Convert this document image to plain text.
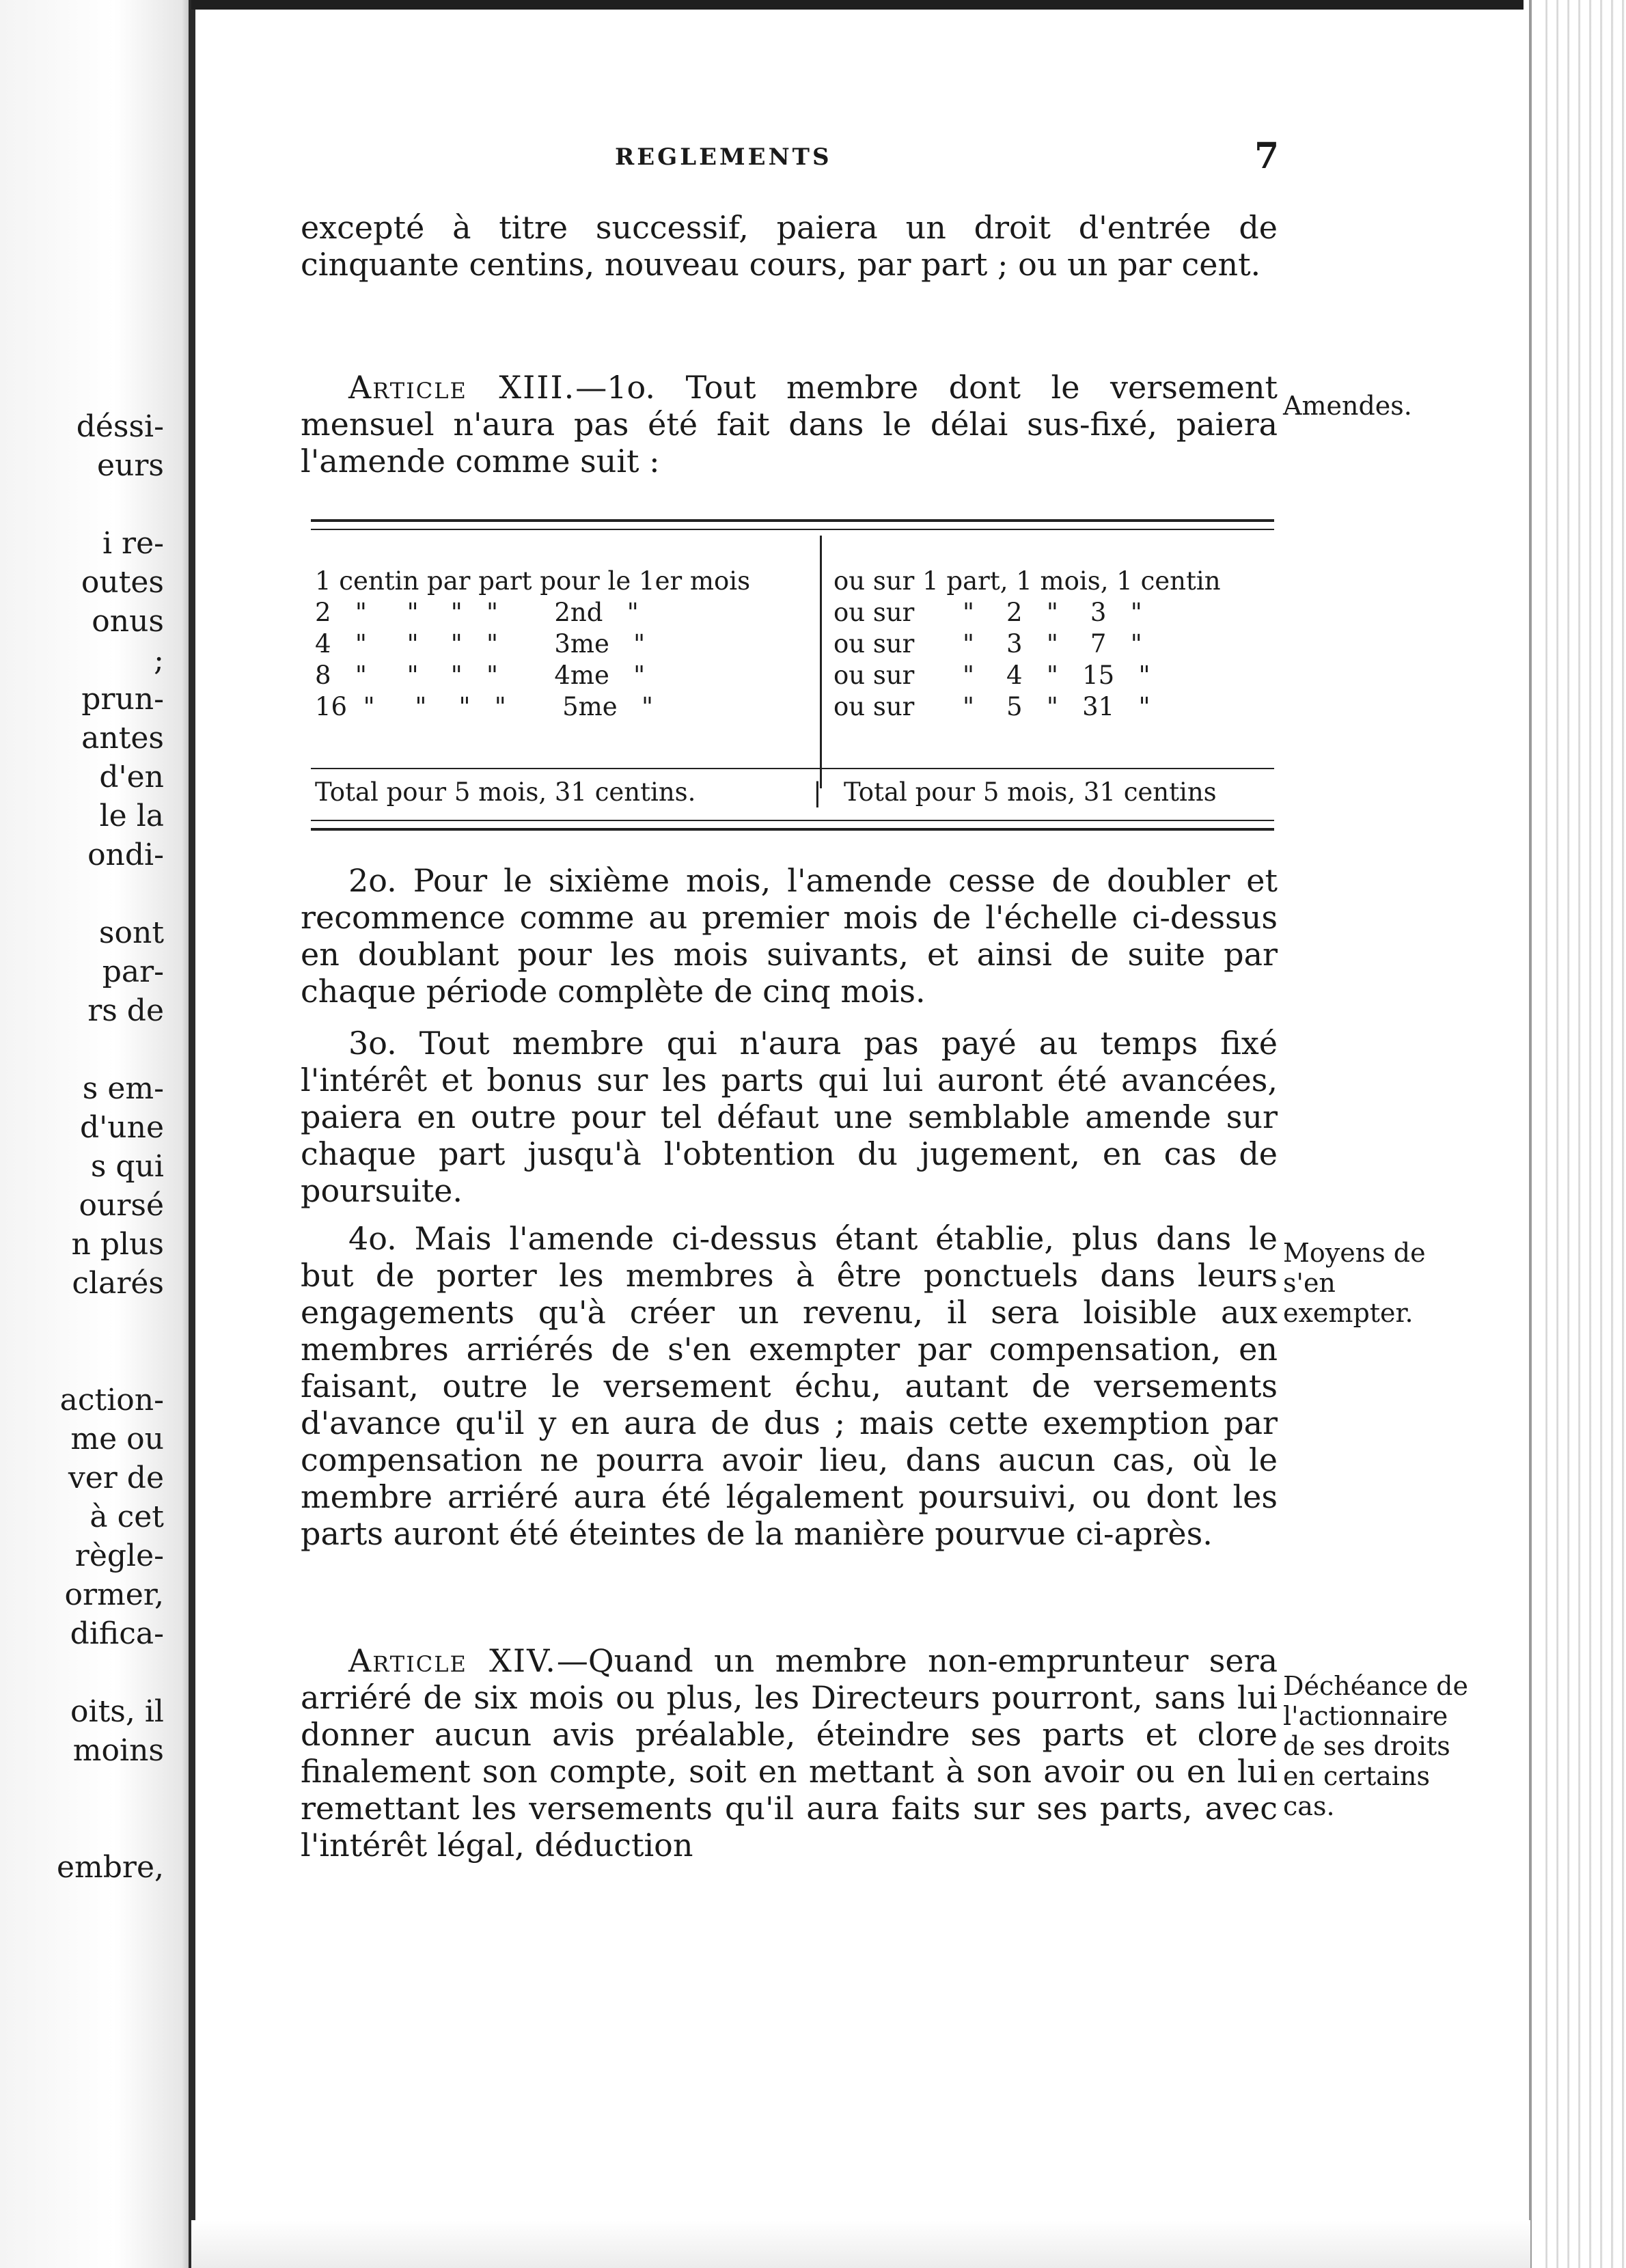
déssi-
eurs
i re-
outes
onus
;
prun-
antes
d'en
le la
ondi-
sont
par-
rs de
s em-
d'une
s qui
oursé
n plus
clarés
action-
me ou
ver de
à cet
règle-
ormer,
difica-
oits, il
moins
embre,
REGLEMENTS	7
excepté à titre successif, paiera un droit d'entrée de cinquante centins, nouveau cours, par part ; ou un par cent.
Article XIII.—1o. Tout membre dont le versement mensuel n'aura pas été fait dans le délai sus-fixé, paiera l'amende comme suit :
Amendes.
1 centin par part pour le 1er mois
2   "     "    "   "       2nd   "
4   "     "    "   "       3me   "
8   "     "    "   "       4me   "
16  "     "    "   "       5me   "
ou sur 1 part, 1 mois, 1 centin
ou sur      "    2   "    3   "
ou sur      "    3   "    7   "
ou sur      "    4   "   15   "
ou sur      "    5   "   31   "
Total pour 5 mois, 31 centins.	| Total pour 5 mois, 31 centins
2o. Pour le sixième mois, l'amende cesse de doubler et recommence comme au premier mois de l'échelle ci-dessus en doublant pour les mois suivants, et ainsi de suite par chaque période complète de cinq mois.
3o. Tout membre qui n'aura pas payé au temps fixé l'intérêt et bonus sur les parts qui lui auront été avancées, paiera en outre pour tel défaut une semblable amende sur chaque part jusqu'à l'obtention du jugement, en cas de poursuite.
4o. Mais l'amende ci-dessus étant établie, plus dans le but de porter les membres à être ponctuels dans leurs engagements qu'à créer un revenu, il sera loisible aux membres arriérés de s'en exempter par compensation, en faisant, outre le versement échu, autant de versements d'avance qu'il y en aura de dus ; mais cette exemption par compensation ne pourra avoir lieu, dans aucun cas, où le membre arriéré aura été légalement poursuivi, ou dont les parts auront été éteintes de la manière pourvue ci-après.
Moyens de s'en exempter.
Article XIV.—Quand un membre non-emprunteur sera arriéré de six mois ou plus, les Directeurs pourront, sans lui donner aucun avis préalable, éteindre ses parts et clore finalement son compte, soit en mettant à son avoir ou en lui remettant les versements qu'il aura faits sur ses parts, avec l'intérêt légal, déduction
Déchéance de l'actionnaire de ses droits en certains cas.
